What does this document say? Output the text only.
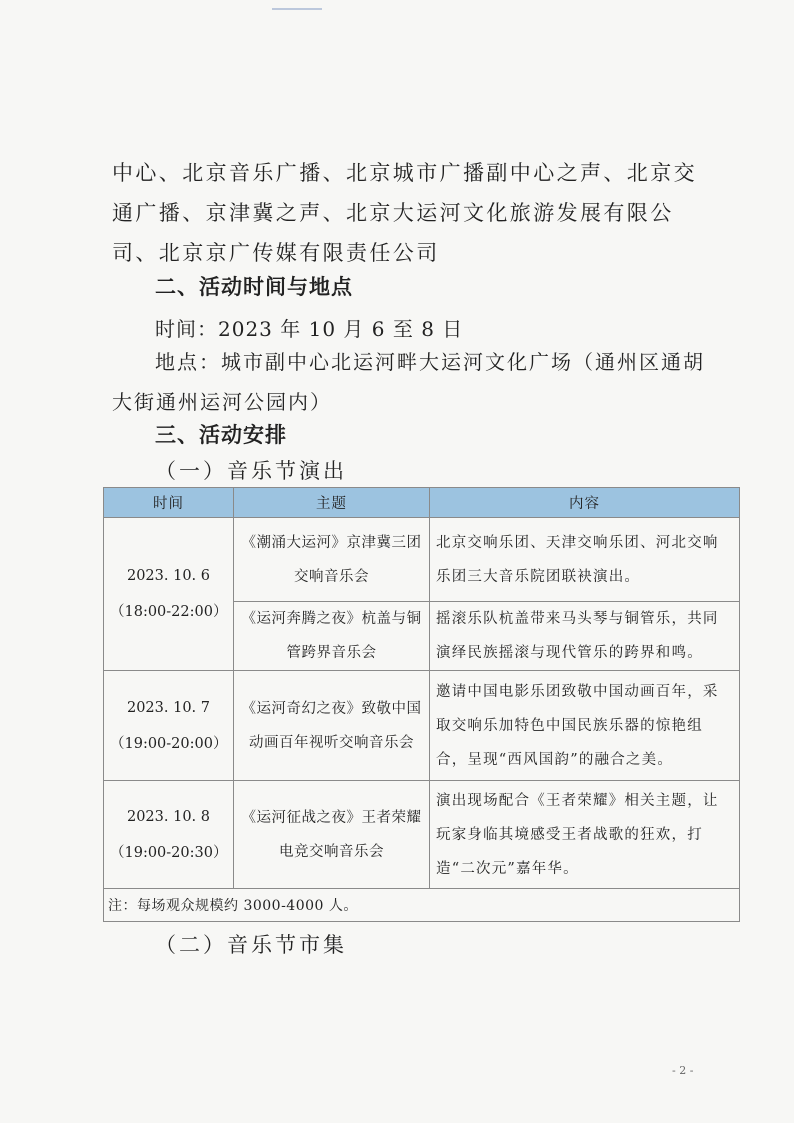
中心、北京音乐广播、北京城市广播副中心之声、北京交通广播、京津冀之声、北京大运河文化旅游发展有限公司、北京京广传媒有限责任公司

二、活动时间与地点

时间：2023 年 10 月 6 至 8 日

地点：城市副中心北运河畔大运河文化广场（通州区通胡大街通州运河公园内）

三、活动安排

（一）音乐节演出

时间	主题	内容

2023. 10. 6
（18:00-22:00）	《潮涌大运河》京津冀三团交响音乐会	北京交响乐团、天津交响乐团、河北交响乐团三大音乐院团联袂演出。
	《运河奔腾之夜》杭盖与铜管跨界音乐会	摇滚乐队杭盖带来马头琴与铜管乐，共同演绎民族摇滚与现代管乐的跨界和鸣。

2023. 10. 7
（19:00-20:00）	《运河奇幻之夜》致敬中国动画百年视听交响音乐会	邀请中国电影乐团致敬中国动画百年，采取交响乐加特色中国民族乐器的惊艳组合，呈现“西风国韵”的融合之美。

2023. 10. 8
（19:00-20:30）	《运河征战之夜》王者荣耀电竞交响音乐会	演出现场配合《王者荣耀》相关主题，让玩家身临其境感受王者战歌的狂欢，打造“二次元”嘉年华。
注：每场观众规模约 3000-4000 人。		

（二）音乐节市集

- 2 -
